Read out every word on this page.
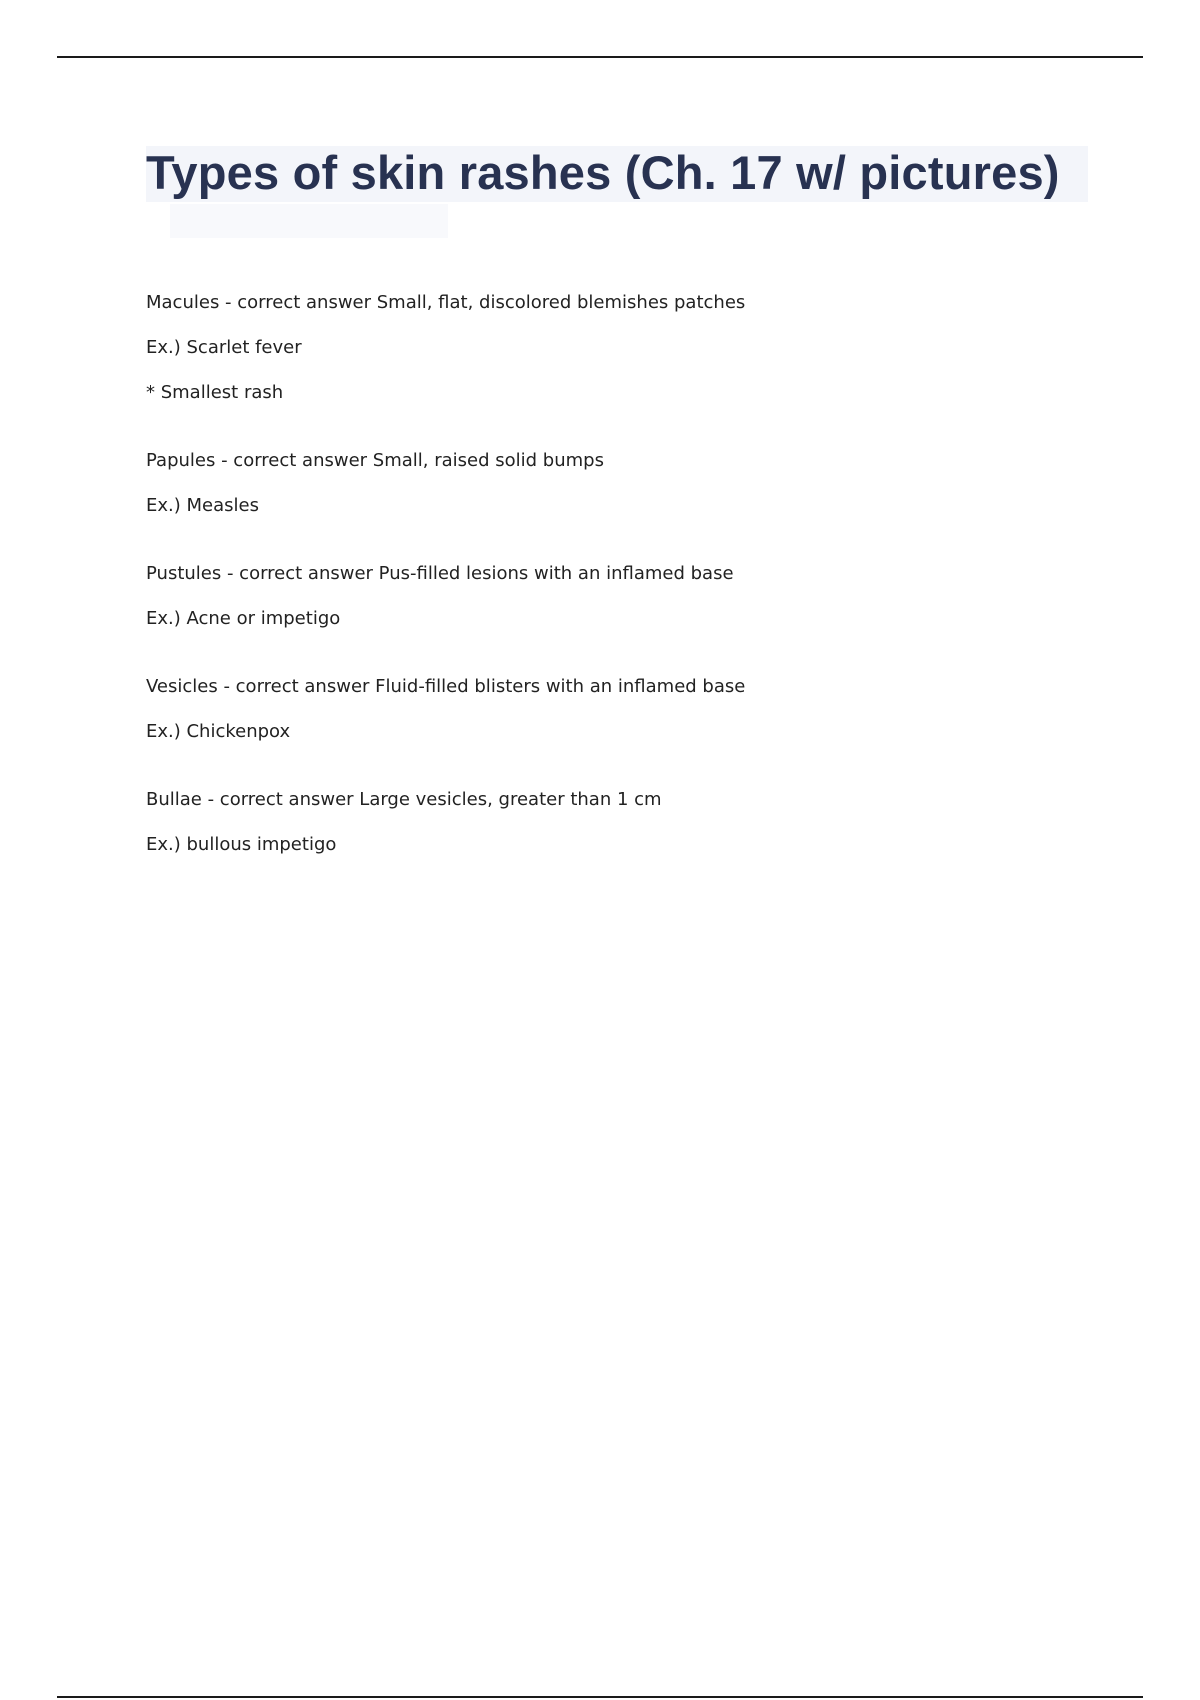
Types of skin rashes (Ch. 17 w/ pictures)

Macules - correct answer Small, flat, discolored blemishes patches

Ex.) Scarlet fever

* Smallest rash

Papules - correct answer Small, raised solid bumps

Ex.) Measles

Pustules - correct answer Pus-filled lesions with an inflamed base

Ex.) Acne or impetigo

Vesicles - correct answer Fluid-filled blisters with an inflamed base

Ex.) Chickenpox

Bullae - correct answer Large vesicles, greater than 1 cm

Ex.) bullous impetigo
